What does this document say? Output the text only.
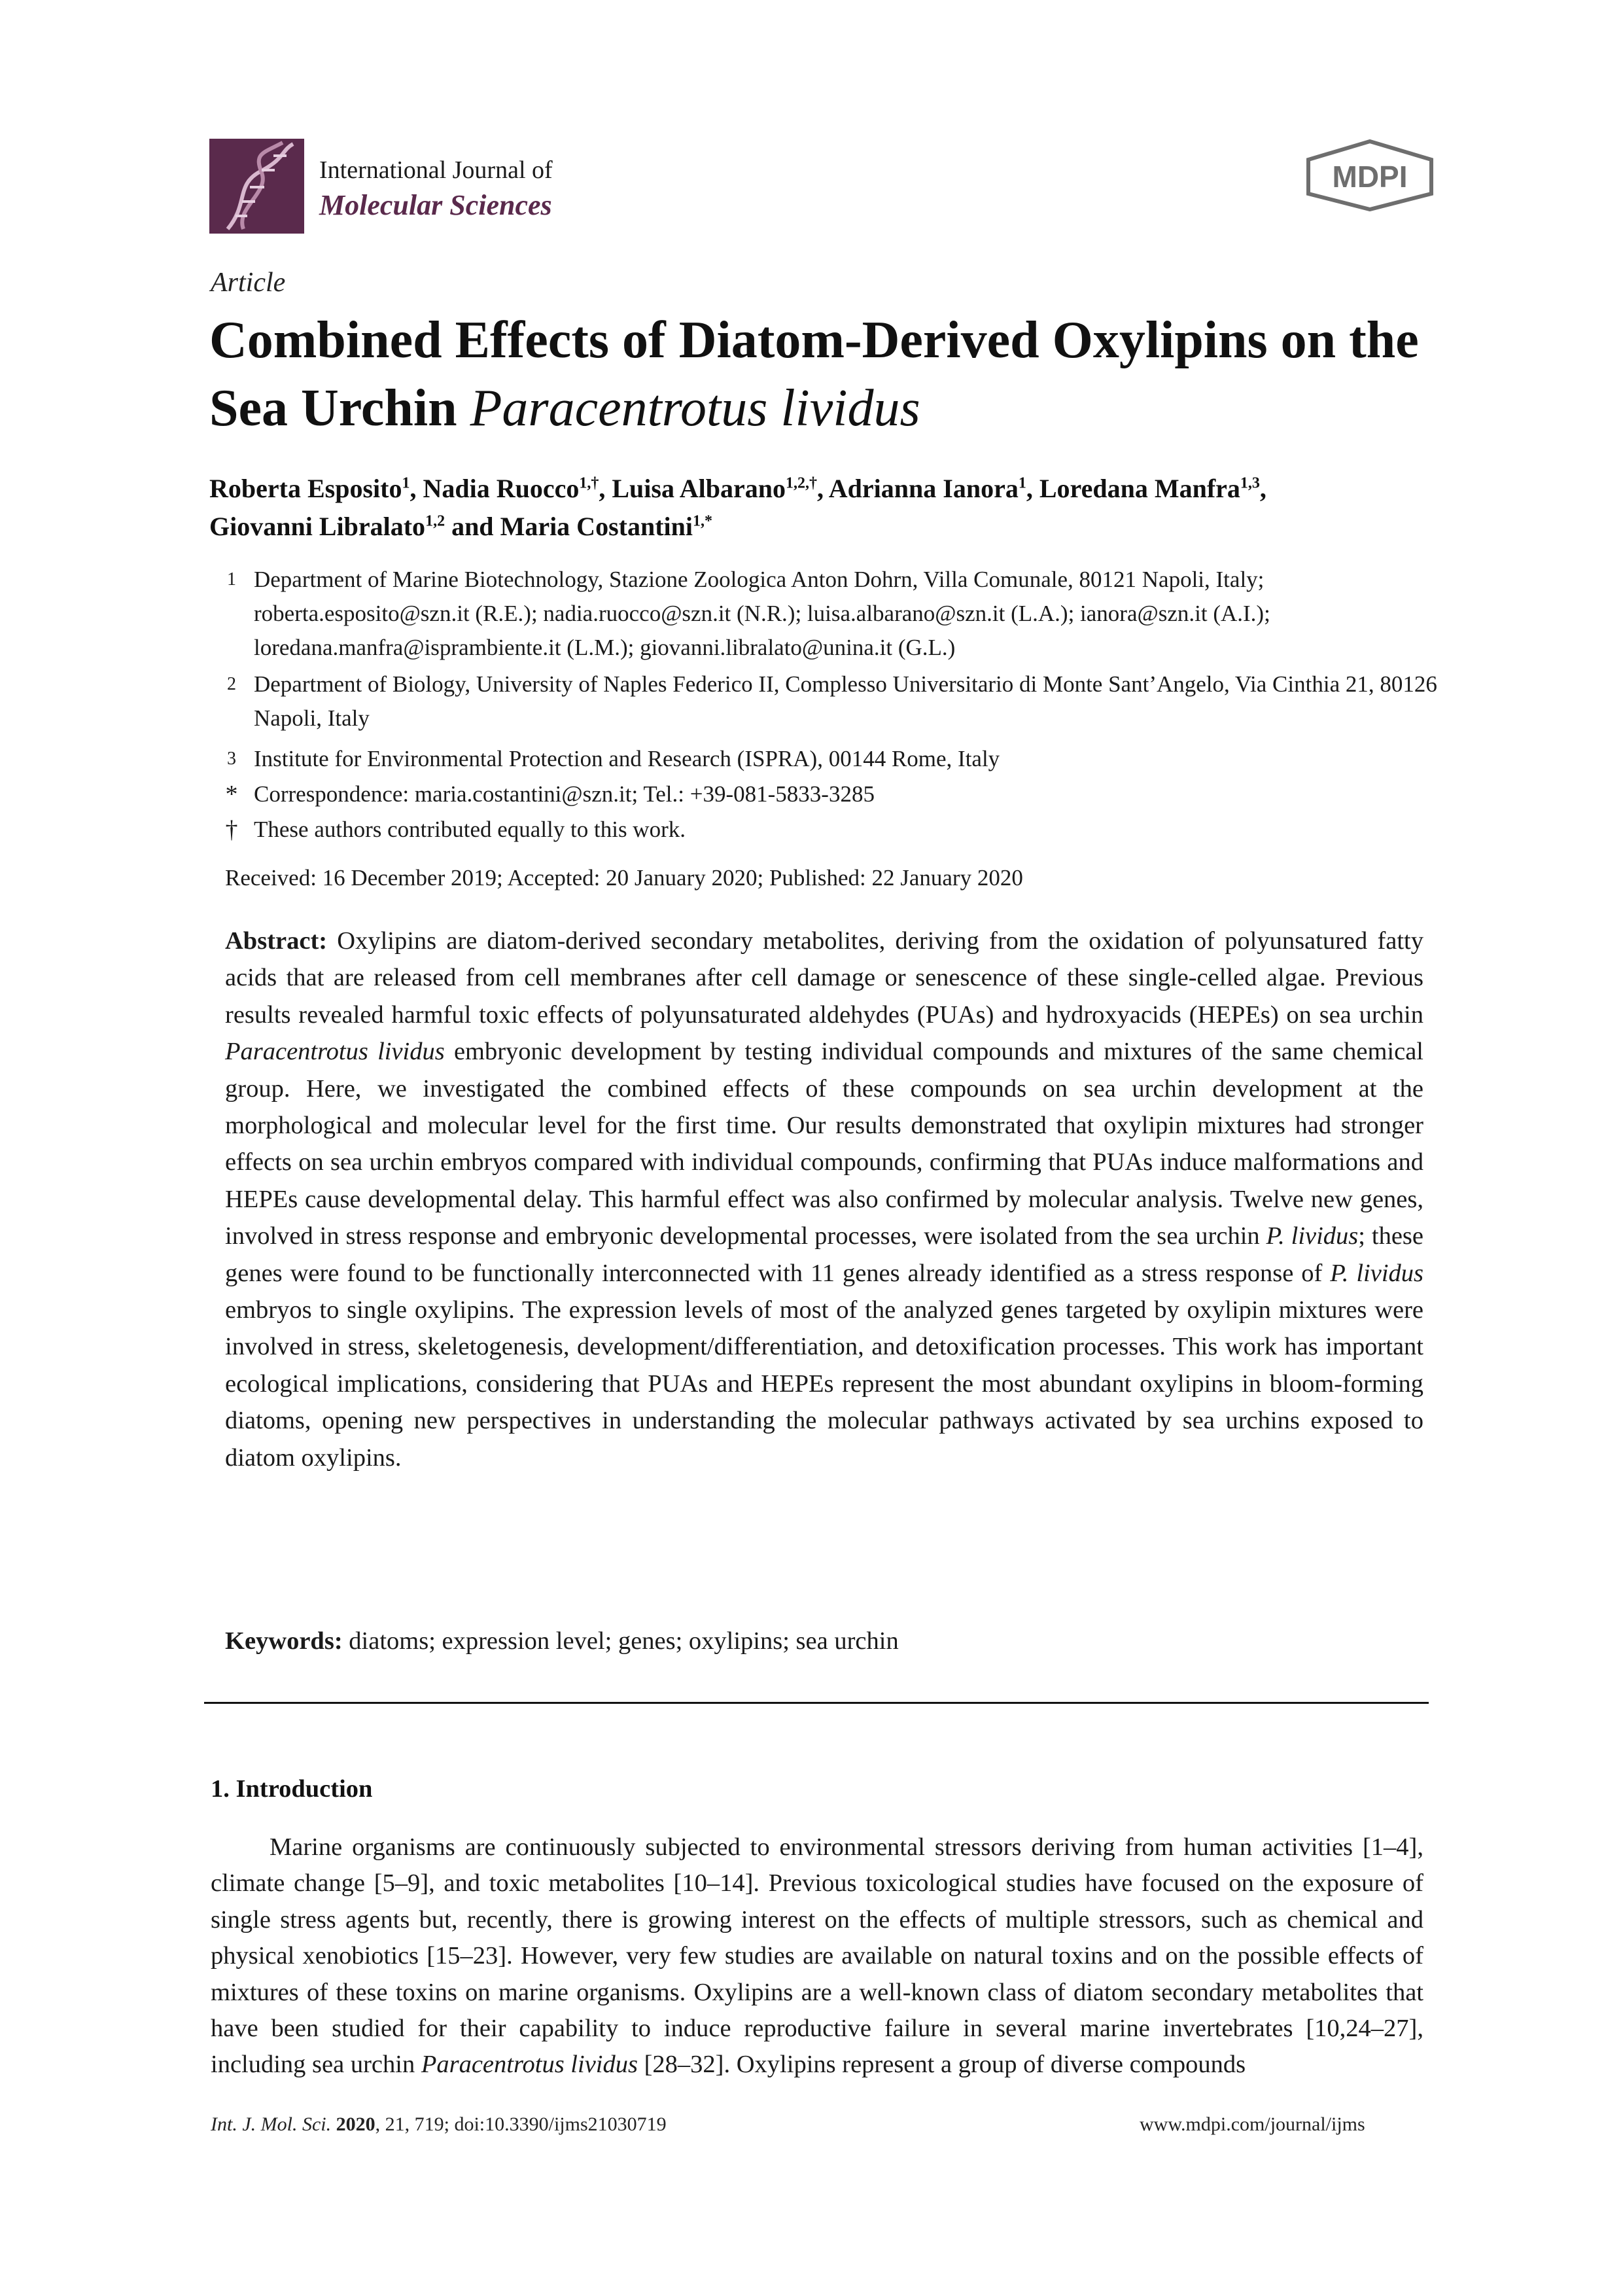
International Journal of
Molecular Sciences
MDPI
Article
Combined Effects of Diatom-Derived Oxylipins on the Sea Urchin Paracentrotus lividus
Roberta Esposito$^1$, Nadia Ruocco$^{1,\dagger}$, Luisa Albarano$^{1,2,\dagger}$, Adrianna Ianora$^1$, Loredana Manfra$^{1,3}$,
Giovanni Libralato$^{1,2}$ and Maria Costantini$^{1,*}$
1 Department of Marine Biotechnology, Stazione Zoologica Anton Dohrn, Villa Comunale, 80121 Napoli, Italy; roberta.esposito@szn.it (R.E.); nadia.ruocco@szn.it (N.R.); luisa.albarano@szn.it (L.A.); ianora@szn.it (A.I.); loredana.manfra@isprambiente.it (L.M.); giovanni.libralato@unina.it (G.L.)
2 Department of Biology, University of Naples Federico II, Complesso Universitario di Monte Sant’Angelo, Via Cinthia 21, 80126 Napoli, Italy
3 Institute for Environmental Protection and Research (ISPRA), 00144 Rome, Italy
* Correspondence: maria.costantini@szn.it; Tel.: +39-081-5833-3285
† These authors contributed equally to this work.
Received: 16 December 2019; Accepted: 20 January 2020; Published: 22 January 2020
Abstract: Oxylipins are diatom-derived secondary metabolites, deriving from the oxidation of polyunsatured fatty acids that are released from cell membranes after cell damage or senescence of these single-celled algae. Previous results revealed harmful toxic effects of polyunsaturated aldehydes (PUAs) and hydroxyacids (HEPEs) on sea urchin Paracentrotus lividus embryonic development by testing individual compounds and mixtures of the same chemical group. Here, we investigated the combined effects of these compounds on sea urchin development at the morphological and molecular level for the first time. Our results demonstrated that oxylipin mixtures had stronger effects on sea urchin embryos compared with individual compounds, confirming that PUAs induce malformations and HEPEs cause developmental delay. This harmful effect was also confirmed by molecular analysis. Twelve new genes, involved in stress response and embryonic developmental processes, were isolated from the sea urchin P. lividus; these genes were found to be functionally interconnected with 11 genes already identified as a stress response of P. lividus embryos to single oxylipins. The expression levels of most of the analyzed genes targeted by oxylipin mixtures were involved in stress, skeletogenesis, development/differentiation, and detoxification processes. This work has important ecological implications, considering that PUAs and HEPEs represent the most abundant oxylipins in bloom-forming diatoms, opening new perspectives in understanding the molecular pathways activated by sea urchins exposed to diatom oxylipins.
Keywords: diatoms; expression level; genes; oxylipins; sea urchin
1. Introduction
Marine organisms are continuously subjected to environmental stressors deriving from human activities [1–4], climate change [5–9], and toxic metabolites [10–14]. Previous toxicological studies have focused on the exposure of single stress agents but, recently, there is growing interest on the effects of multiple stressors, such as chemical and physical xenobiotics [15–23]. However, very few studies are available on natural toxins and on the possible effects of mixtures of these toxins on marine organisms. Oxylipins are a well-known class of diatom secondary metabolites that have been studied for their capability to induce reproductive failure in several marine invertebrates [10,24–27], including sea urchin Paracentrotus lividus [28–32]. Oxylipins represent a group of diverse compounds
Int. J. Mol. Sci. 2020, 21, 719; doi:10.3390/ijms21030719	www.mdpi.com/journal/ijms
